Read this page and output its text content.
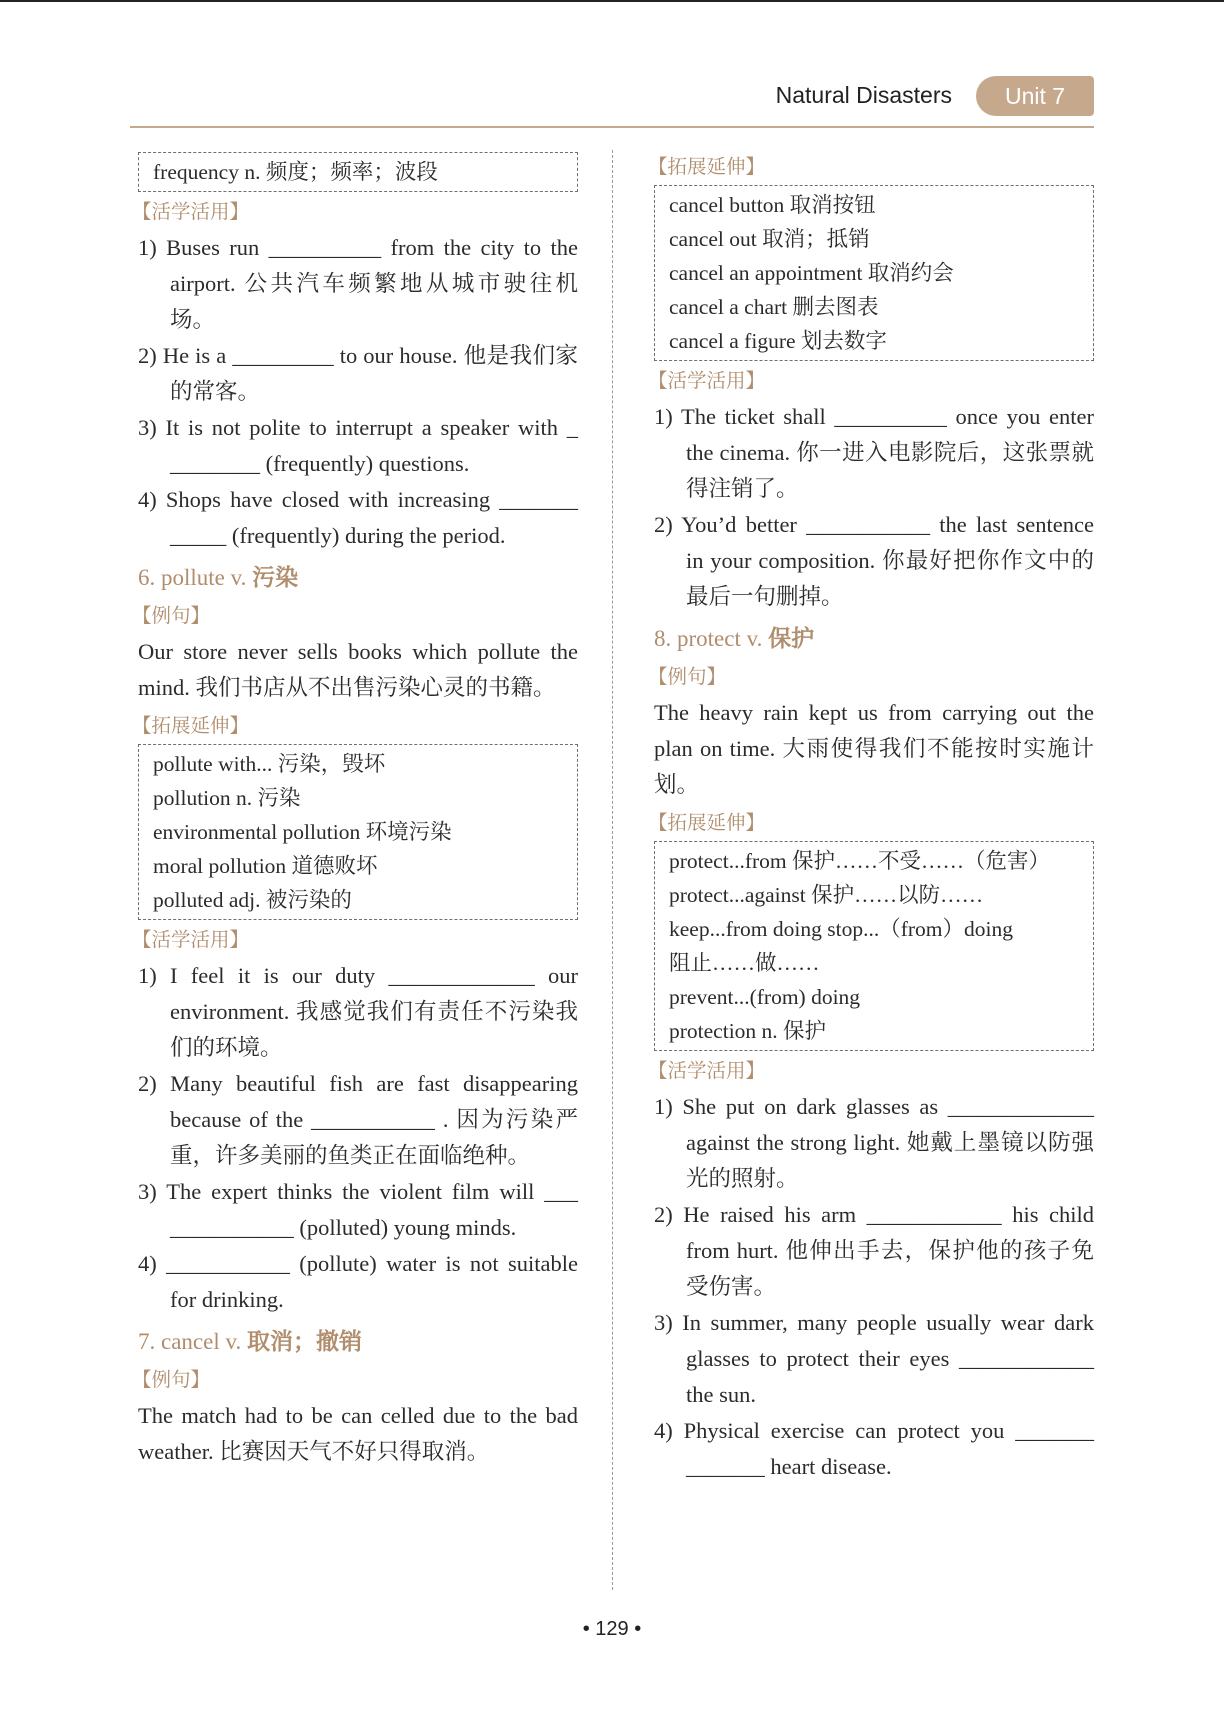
Natural Disasters	Unit 7
frequency n. 频度；频率；波段
【活学活用】
1) Buses run __________ from the city to the airport. 公共汽车频繁地从城市驶往机场。
2) He is a _________ to our house. 他是我们家的常客。
3) It is not polite to interrupt a speaker with _ ________ (frequently) questions.
4) Shops have closed with increasing _______ _____ (frequently) during the period.
6. pollute v. 污染
【例句】
Our store never sells books which pollute the mind. 我们书店从不出售污染心灵的书籍。
【拓展延伸】
pollute with... 污染，毁坏
pollution n. 污染
environmental pollution 环境污染
moral pollution 道德败坏
polluted adj. 被污染的
【活学活用】
1) I feel it is our duty _____________ our environment. 我感觉我们有责任不污染我们的环境。
2) Many beautiful fish are fast disappearing because of the ___________ . 因为污染严重，许多美丽的鱼类正在面临绝种。
3) The expert thinks the violent film will ___ ___________ (polluted) young minds.
4) ___________ (pollute) water is not suitable for drinking.
7. cancel v. 取消；撤销
【例句】
The match had to be can celled due to the bad weather. 比赛因天气不好只得取消。
【拓展延伸】
cancel button 取消按钮
cancel out 取消；抵销
cancel an appointment 取消约会
cancel a chart 删去图表
cancel a figure 划去数字
【活学活用】
1) The ticket shall __________ once you enter the cinema. 你一进入电影院后，这张票就得注销了。
2) You’d better ___________ the last sentence in your composition. 你最好把你作文中的最后一句删掉。
8. protect v. 保护
【例句】
The heavy rain kept us from carrying out the plan on time. 大雨使得我们不能按时实施计划。
【拓展延伸】
protect...from 保护……不受……（危害）
protect...against 保护……以防……
keep...from doing stop...（from）doing
阻止……做……
prevent...(from) doing
protection n. 保护
【活学活用】
1) She put on dark glasses as _____________ against the strong light. 她戴上墨镜以防强光的照射。
2) He raised his arm ____________ his child from hurt. 他伸出手去，保护他的孩子免受伤害。
3) In summer, many people usually wear dark glasses to protect their eyes ____________ the sun.
4) Physical exercise can protect you _______ _______ heart disease.
• 129 •
